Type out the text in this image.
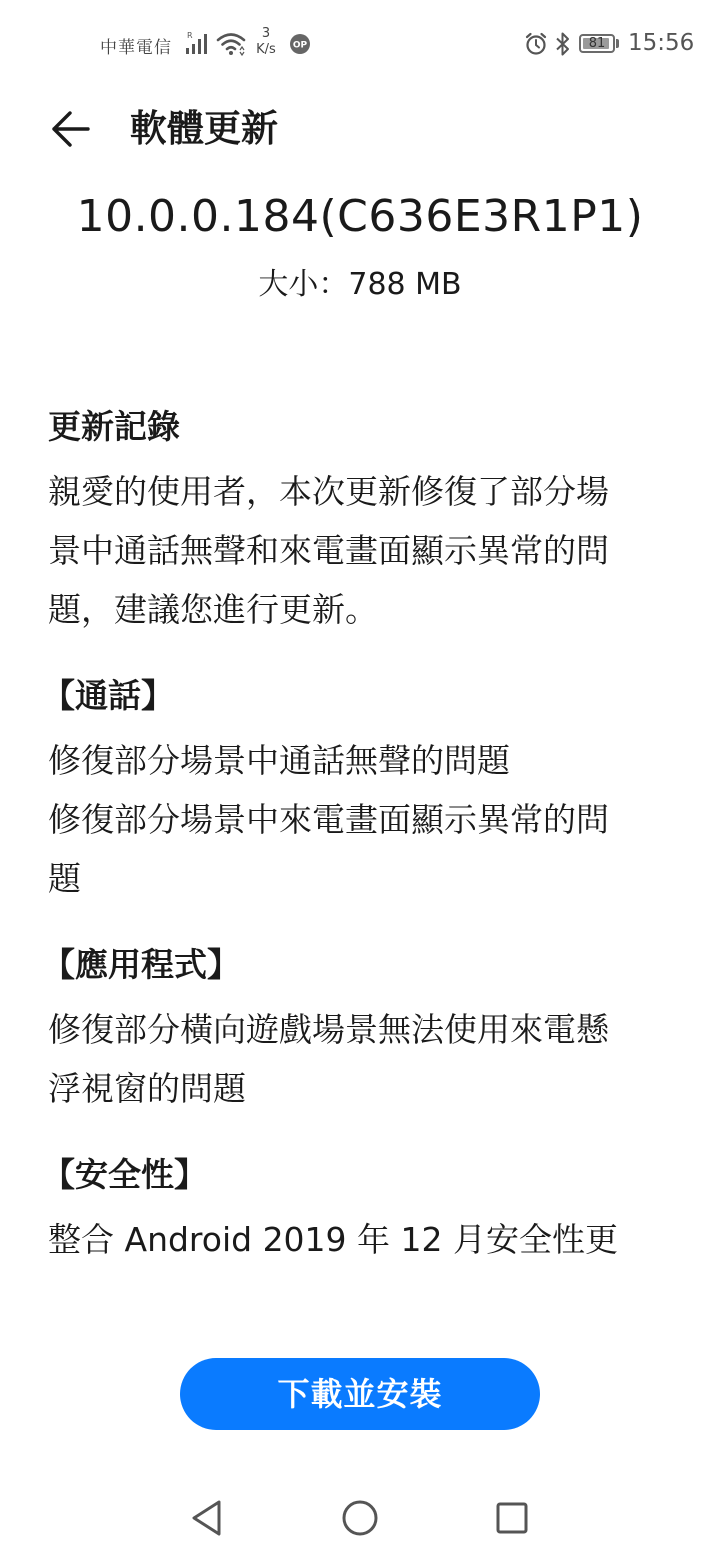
中華電信
R	3
K/s	OP	81 15:56
軟體更新
10.0.0.184(C636E3R1P1)
大小：788 MB

更新記錄

親愛的使用者，本次更新修復了部分場

景中通話無聲和來電畫面顯示異常的問

題，建議您進行更新。

【通話】

修復部分場景中通話無聲的問題

修復部分場景中來電畫面顯示異常的問

題

【應用程式】

修復部分橫向遊戲場景無法使用來電懸

浮視窗的問題

【安全性】

整合 Android 2019 年 12 月安全性更

下載並安裝
